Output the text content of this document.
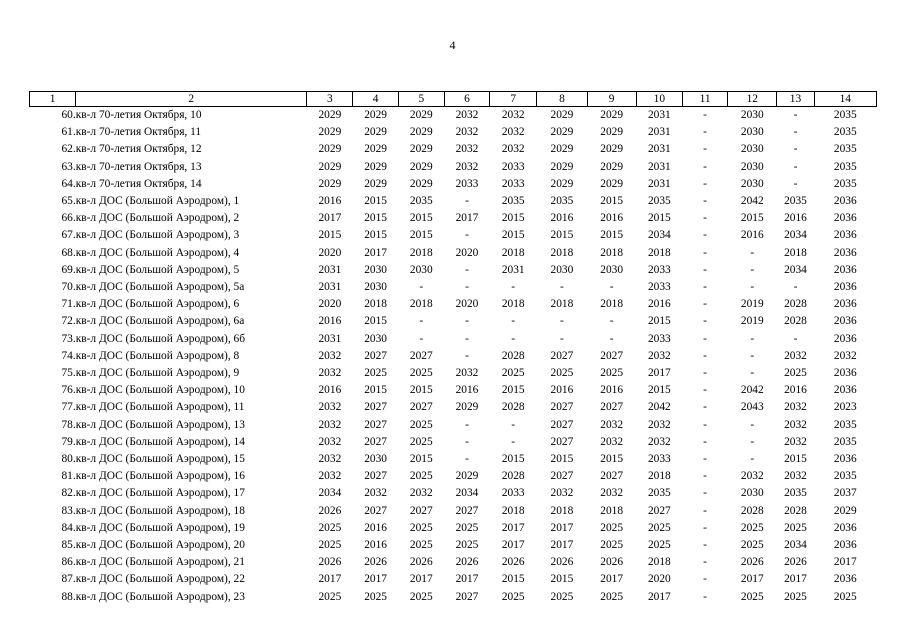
4
1	2	3	4	5	6	7	8	9	10	11	12	13	14
60.	кв-л 70-летия Октября, 10	2029	2029	2029	2032	2032	2029	2029	2031	-	2030	-	2035
61.	кв-л 70-летия Октября, 11	2029	2029	2029	2032	2032	2029	2029	2031	-	2030	-	2035
62.	кв-л 70-летия Октября, 12	2029	2029	2029	2032	2032	2029	2029	2031	-	2030	-	2035
63.	кв-л 70-летия Октября, 13	2029	2029	2029	2032	2033	2029	2029	2031	-	2030	-	2035
64.	кв-л 70-летия Октября, 14	2029	2029	2029	2033	2033	2029	2029	2031	-	2030	-	2035
65.	кв-л ДОС (Большой Аэродром), 1	2016	2015	2035	-	2035	2035	2015	2035	-	2042	2035	2036
66.	кв-л ДОС (Большой Аэродром), 2	2017	2015	2015	2017	2015	2016	2016	2015	-	2015	2016	2036
67.	кв-л ДОС (Большой Аэродром), 3	2015	2015	2015	-	2015	2015	2015	2034	-	2016	2034	2036
68.	кв-л ДОС (Большой Аэродром), 4	2020	2017	2018	2020	2018	2018	2018	2018	-	-	2018	2036
69.	кв-л ДОС (Большой Аэродром), 5	2031	2030	2030	-	2031	2030	2030	2033	-	-	2034	2036
70.	кв-л ДОС (Большой Аэродром), 5а	2031	2030	-	-	-	-	-	2033	-	-	-	2036
71.	кв-л ДОС (Большой Аэродром), 6	2020	2018	2018	2020	2018	2018	2018	2016	-	2019	2028	2036
72.	кв-л ДОС (Большой Аэродром), 6а	2016	2015	-	-	-	-	-	2015	-	2019	2028	2036
73.	кв-л ДОС (Большой Аэродром), 6б	2031	2030	-	-	-	-	-	2033	-	-	-	2036
74.	кв-л ДОС (Большой Аэродром), 8	2032	2027	2027	-	2028	2027	2027	2032	-	-	2032	2032
75.	кв-л ДОС (Большой Аэродром), 9	2032	2025	2025	2032	2025	2025	2025	2017	-	-	2025	2036
76.	кв-л ДОС (Большой Аэродром), 10	2016	2015	2015	2016	2015	2016	2016	2015	-	2042	2016	2036
77.	кв-л ДОС (Большой Аэродром), 11	2032	2027	2027	2029	2028	2027	2027	2042	-	2043	2032	2023
78.	кв-л ДОС (Большой Аэродром), 13	2032	2027	2025	-	-	2027	2032	2032	-	-	2032	2035
79.	кв-л ДОС (Большой Аэродром), 14	2032	2027	2025	-	-	2027	2032	2032	-	-	2032	2035
80.	кв-л ДОС (Большой Аэродром), 15	2032	2030	2015	-	2015	2015	2015	2033	-	-	2015	2036
81.	кв-л ДОС (Большой Аэродром), 16	2032	2027	2025	2029	2028	2027	2027	2018	-	2032	2032	2035
82.	кв-л ДОС (Большой Аэродром), 17	2034	2032	2032	2034	2033	2032	2032	2035	-	2030	2035	2037
83.	кв-л ДОС (Большой Аэродром), 18	2026	2027	2027	2027	2018	2018	2018	2027	-	2028	2028	2029
84.	кв-л ДОС (Большой Аэродром), 19	2025	2016	2025	2025	2017	2017	2025	2025	-	2025	2025	2036
85.	кв-л ДОС (Большой Аэродром), 20	2025	2016	2025	2025	2017	2017	2025	2025	-	2025	2034	2036
86.	кв-л ДОС (Большой Аэродром), 21	2026	2026	2026	2026	2026	2026	2026	2018	-	2026	2026	2017
87.	кв-л ДОС (Большой Аэродром), 22	2017	2017	2017	2017	2015	2015	2017	2020	-	2017	2017	2036
88.	кв-л ДОС (Большой Аэродром), 23	2025	2025	2025	2027	2025	2025	2025	2017	-	2025	2025	2025
